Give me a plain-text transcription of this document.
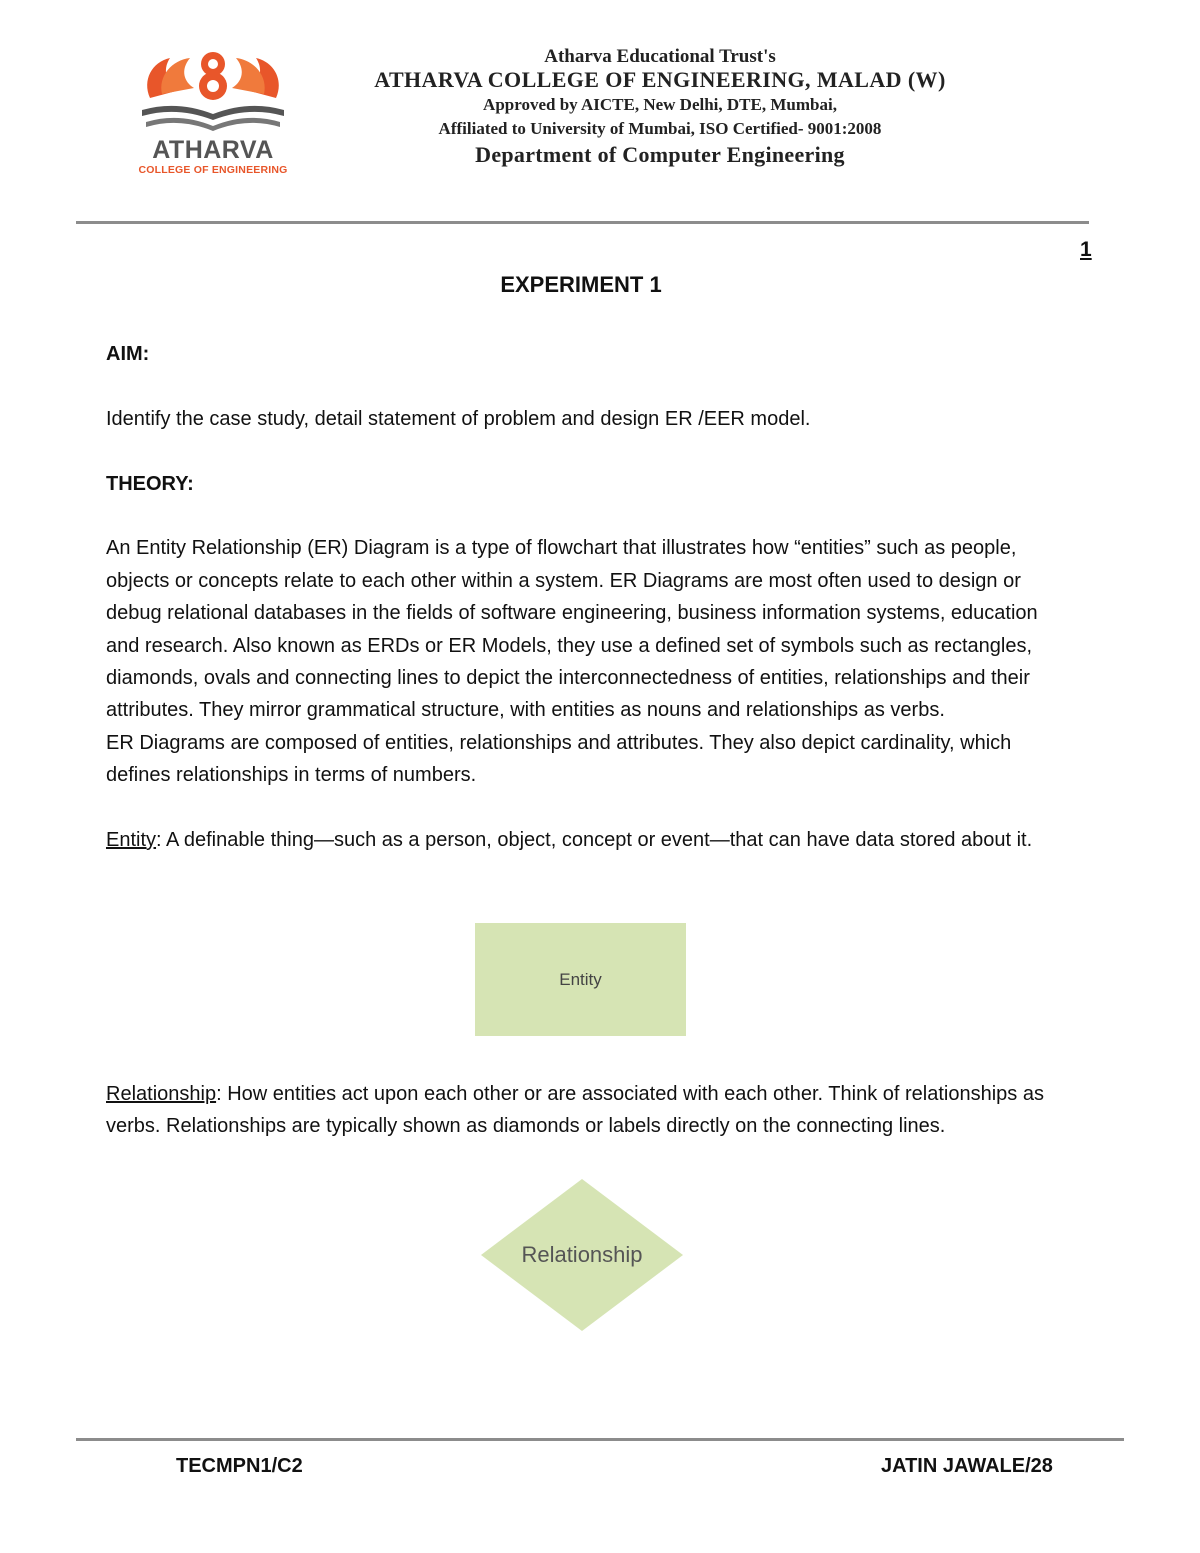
ATHARVA
COLLEGE OF ENGINEERING
Atharva Educational Trust's
ATHARVA COLLEGE OF ENGINEERING, MALAD (W)
Approved by AICTE, New Delhi, DTE, Mumbai,
Affiliated to University of Mumbai, ISO Certified- 9001:2008
Department of Computer Engineering
1
EXPERIMENT 1

AIM:

Identify the case study, detail statement of problem and design ER /EER model.

THEORY:

An Entity Relationship (ER) Diagram is a type of flowchart that illustrates how “entities” such as people, objects or concepts relate to each other within a system. ER Diagrams are most often used to design or debug relational databases in the fields of software engineering, business information systems, education and research. Also known as ERDs or ER Models, they use a defined set of symbols such as rectangles, diamonds, ovals and connecting lines to depict the interconnectedness of entities, relationships and their attributes. They mirror grammatical structure, with entities as nouns and relationships as verbs.

ER Diagrams are composed of entities, relationships and attributes. They also depict cardinality, which defines relationships in terms of numbers.

Entity: A definable thing—such as a person, object, concept or event—that can have data stored about it.

Entity

Relationship: How entities act upon each other or are associated with each other. Think of relationships as verbs. Relationships are typically shown as diamonds or labels directly on the connecting lines.

Relationship
TECMPN1/C2	JATIN JAWALE/28
